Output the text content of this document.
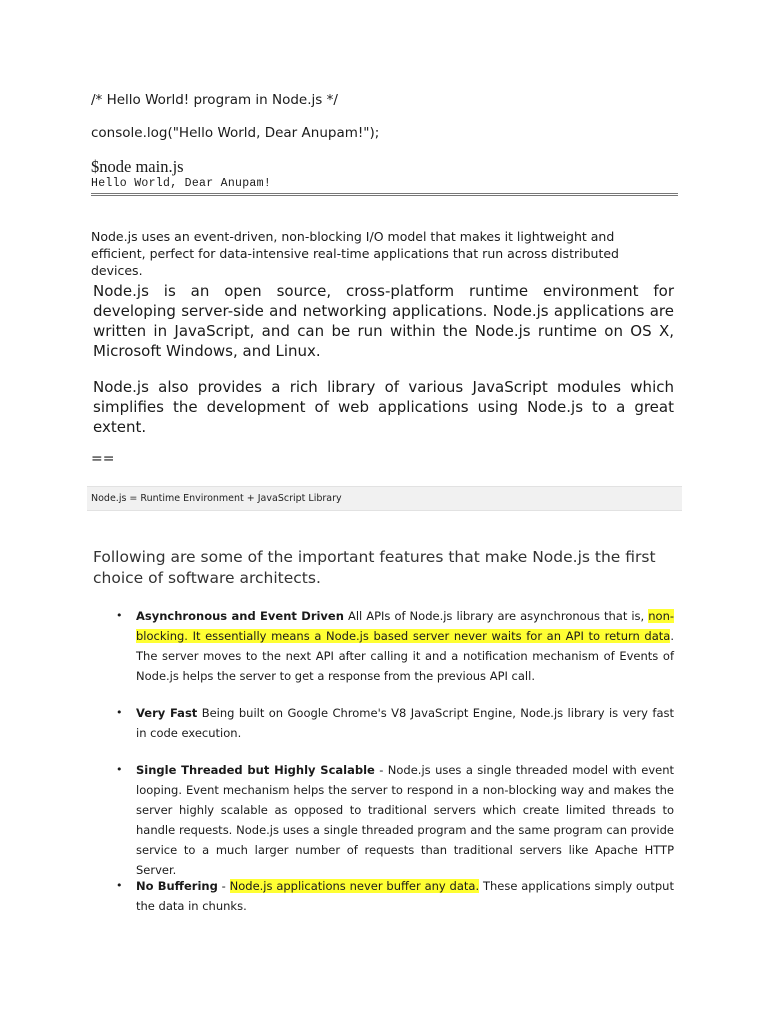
/* Hello World! program in Node.js */

console.log("Hello World, Dear Anupam!");

$node main.js

Hello World, Dear Anupam!

Node.js uses an event-driven, non-blocking I/O model that makes it lightweight and efficient, perfect for data-intensive real-time applications that run across distributed devices.

Node.js is an open source, cross-platform runtime environment for developing server-side and networking applications. Node.js applications are written in JavaScript, and can be run within the Node.js runtime on OS X, Microsoft Windows, and Linux.

Node.js also provides a rich library of various JavaScript modules which simplifies the development of web applications using Node.js to a great extent.

==

Node.js = Runtime Environment + JavaScript Library

Following are some of the important features that make Node.js the first choice of software architects.

• Asynchronous and Event Driven All APIs of Node.js library are asynchronous that is, non-blocking. It essentially means a Node.js based server never waits for an API to return data. The server moves to the next API after calling it and a notification mechanism of Events of Node.js helps the server to get a response from the previous API call.
• Very Fast Being built on Google Chrome's V8 JavaScript Engine, Node.js library is very fast in code execution.
• Single Threaded but Highly Scalable - Node.js uses a single threaded model with event looping. Event mechanism helps the server to respond in a non-blocking way and makes the server highly scalable as opposed to traditional servers which create limited threads to handle requests. Node.js uses a single threaded program and the same program can provide service to a much larger number of requests than traditional servers like Apache HTTP Server.
• No Buffering - Node.js applications never buffer any data. These applications simply output the data in chunks.
